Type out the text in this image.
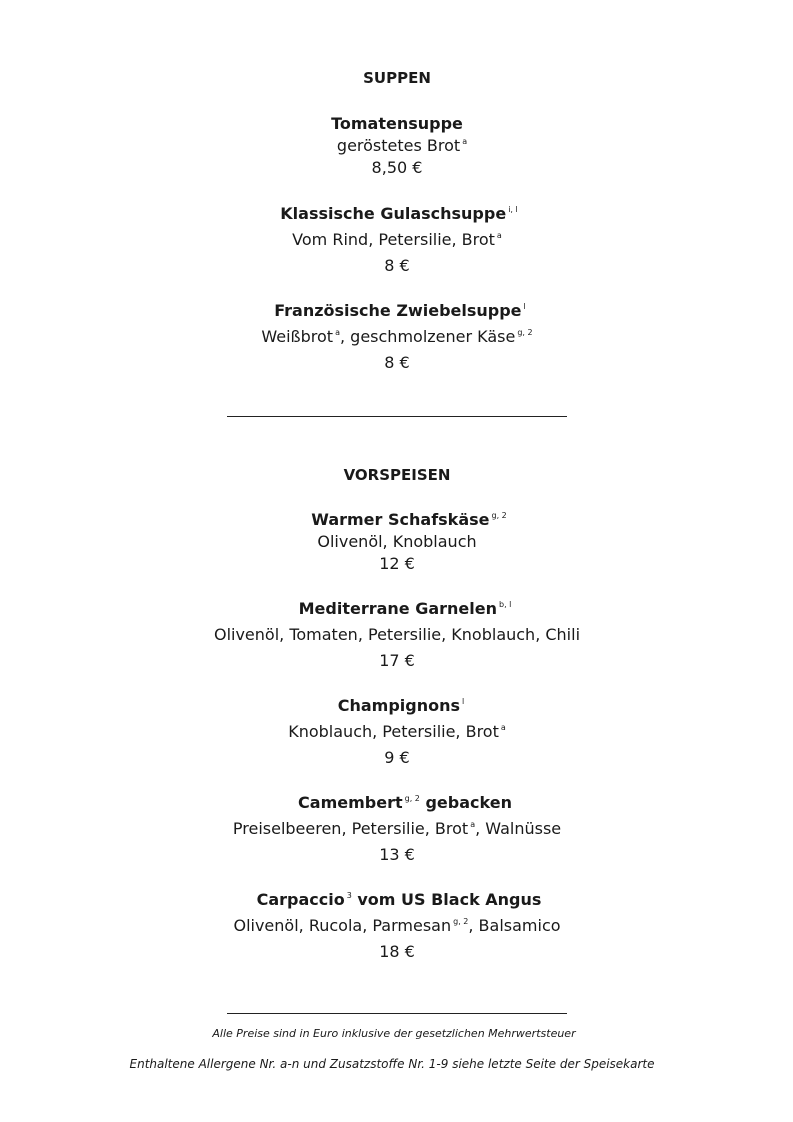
SUPPEN
Tomatensuppe
geröstetes Brot $^a$
8,50 €
Klassische Gulaschsuppe $^{i, l}$
Vom Rind, Petersilie, Brot $^a$
8 €
Französische Zwiebelsuppe $^l$
Weißbrot $^a$, geschmolzener Käse $^{g, 2}$
8 €
VORSPEISEN
Warmer Schafskäse $^{g, 2}$
Olivenöl, Knoblauch
12 €
Mediterrane Garnelen $^{b, l}$
Olivenöl, Tomaten, Petersilie, Knoblauch, Chili
17 €
Champignons $^l$
Knoblauch, Petersilie, Brot $^a$
9 €
Camembert $^{g, 2}$ gebacken
Preiselbeeren, Petersilie, Brot $^a$, Walnüsse
13 €
Carpaccio $^3$ vom US Black Angus
Olivenöl, Rucola, Parmesan $^{g, 2}$, Balsamico
18 €
Alle Preise sind in Euro inklusive der gesetzlichen Mehrwertsteuer
Enthaltene Allergene Nr. a-n und Zusatzstoffe Nr. 1-9 siehe letzte Seite der Speisekarte
